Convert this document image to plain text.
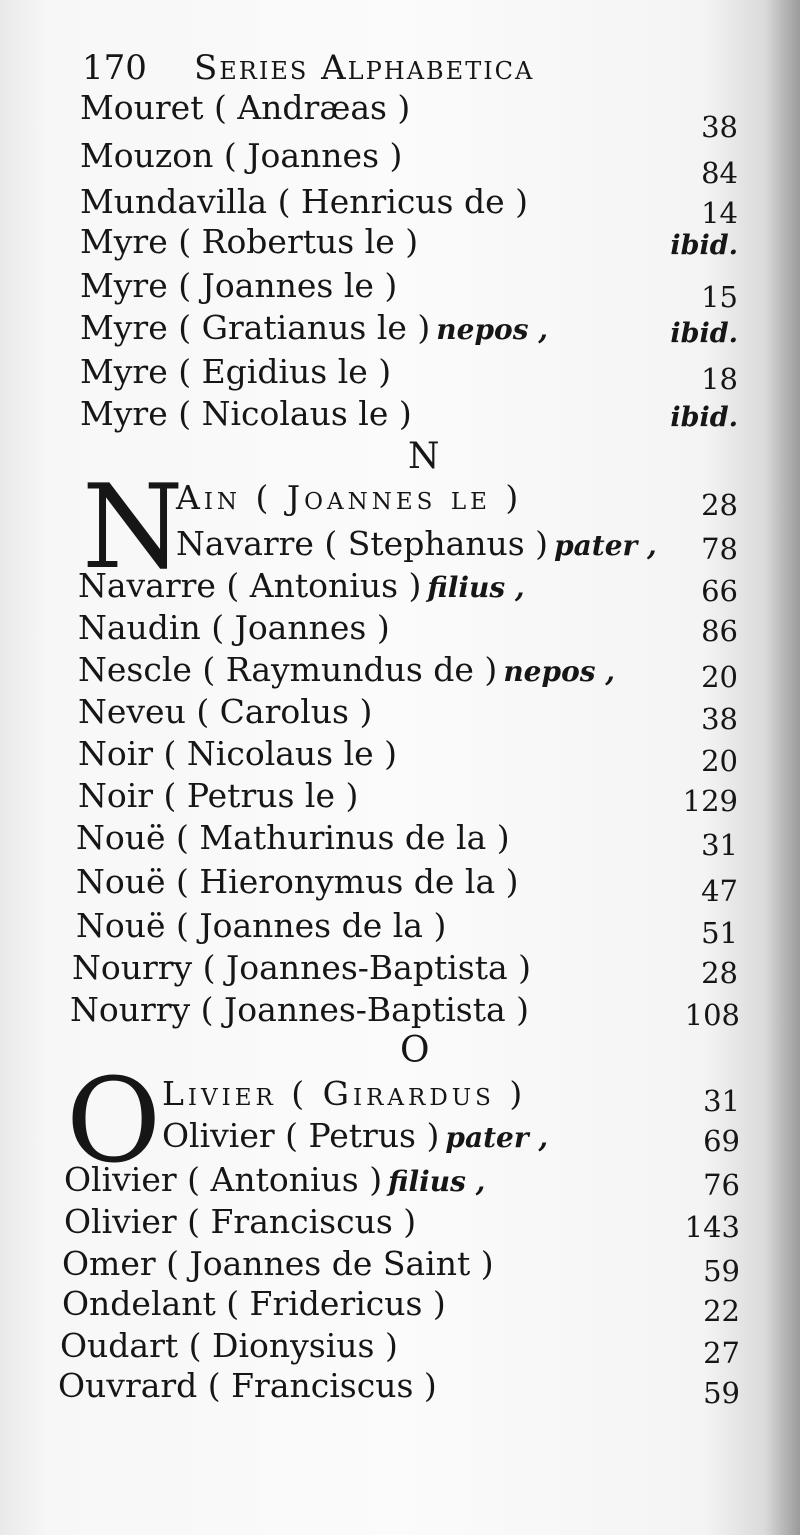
170 Series Alphabetica
Mouret ( Andræas )	38
Mouzon ( Joannes )	84
Mundavilla ( Henricus de )	14
Myre ( Robertus le )	ibid.
Myre ( Joannes le )	15
Myre ( Gratianus le ) nepos ,	ibid.
Myre ( Egidius le )	18
Myre ( Nicolaus le )	ibid.
N
N
Ain ( Joannes le )	28
Navarre ( Stephanus ) pater ,	78
Navarre ( Antonius ) filius ,	66
Naudin ( Joannes )	86
Nescle ( Raymundus de ) nepos ,	20
Neveu ( Carolus )	38
Noir ( Nicolaus le )	20
Noir ( Petrus le )	129
Nouë ( Mathurinus de la )	31
Nouë ( Hieronymus de la )	47
Nouë ( Joannes de la )	51
Nourry ( Joannes-Baptista )	28
Nourry ( Joannes-Baptista )	108
O
O Livier ( Girardus )	31
Olivier ( Petrus ) pater ,	69
Olivier ( Antonius ) filius ,	76
Olivier ( Franciscus )	143
Omer ( Joannes de Saint )	59
Ondelant ( Fridericus )	22
Oudart ( Dionysius )	27
Ouvrard ( Franciscus )	59
